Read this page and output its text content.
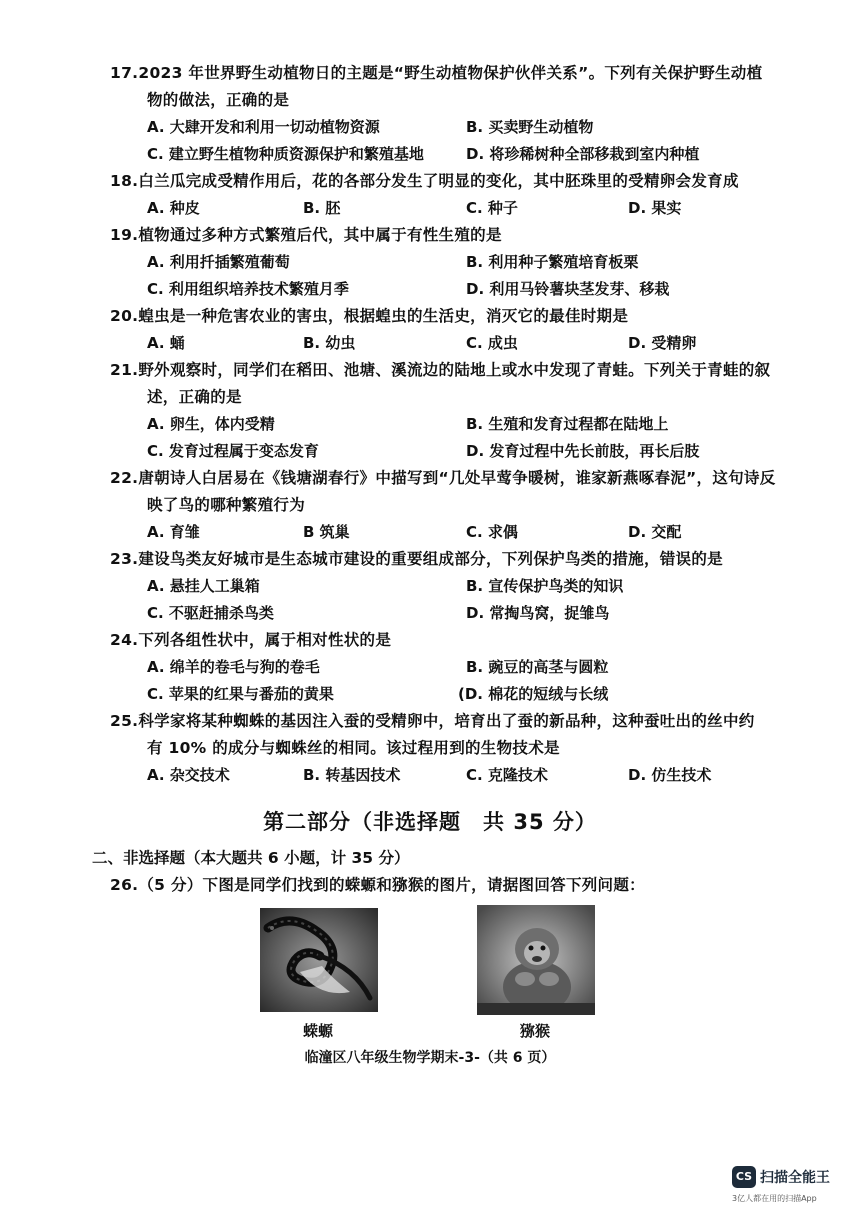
17.2023 年世界野生动植物日的主题是“野生动植物保护伙伴关系”。下列有关保护野生动植
物的做法，正确的是
A. 大肆开发和利用一切动植物资源	B. 买卖野生动植物
C. 建立野生植物种质资源保护和繁殖基地	D. 将珍稀树种全部移栽到室内种植
18.白兰瓜完成受精作用后，花的各部分发生了明显的变化，其中胚珠里的受精卵会发育成
A. 种皮	B. 胚	C. 种子	D. 果实
19.植物通过多种方式繁殖后代，其中属于有性生殖的是
A. 利用扦插繁殖葡萄	B. 利用种子繁殖培育板栗
C. 利用组织培养技术繁殖月季	D. 利用马铃薯块茎发芽、移栽
20.蝗虫是一种危害农业的害虫，根据蝗虫的生活史，消灭它的最佳时期是
A. 蛹	B. 幼虫	C. 成虫	D. 受精卵
21.野外观察时，同学们在稻田、池塘、溪流边的陆地上或水中发现了青蛙。下列关于青蛙的叙
述，正确的是
A. 卵生，体内受精	B. 生殖和发育过程都在陆地上
C. 发育过程属于变态发育	D. 发育过程中先长前肢，再长后肢
22.唐朝诗人白居易在《钱塘湖春行》中描写到“几处早莺争暖树，谁家新燕啄春泥”，这句诗反
映了鸟的哪种繁殖行为
A. 育雏	B 筑巢	C. 求偶	D. 交配
23.建设鸟类友好城市是生态城市建设的重要组成部分，下列保护鸟类的措施，错误的是
A. 悬挂人工巢箱	B. 宣传保护鸟类的知识
C. 不驱赶捕杀鸟类	D. 常掏鸟窝，捉雏鸟
24.下列各组性状中，属于相对性状的是
A. 绵羊的卷毛与狗的卷毛	B. 豌豆的高茎与圆粒
C. 苹果的红果与番茄的黄果	(D. 棉花的短绒与长绒
25.科学家将某种蜘蛛的基因注入蚕的受精卵中，培育出了蚕的新品种，这种蚕吐出的丝中约
有 10% 的成分与蜘蛛丝的相同。该过程用到的生物技术是
A. 杂交技术	B. 转基因技术	C. 克隆技术	D. 仿生技术
第二部分（非选择题　共 35 分）
二、非选择题（本大题共 6 小题，计 35 分）
26.（5 分）下图是同学们找到的蝾螈和猕猴的图片，请据图回答下列问题：
蝾螈	猕猴
临潼区八年级生物学期末-3-（共 6 页）
CS 扫描全能王
3亿人都在用的扫描App
